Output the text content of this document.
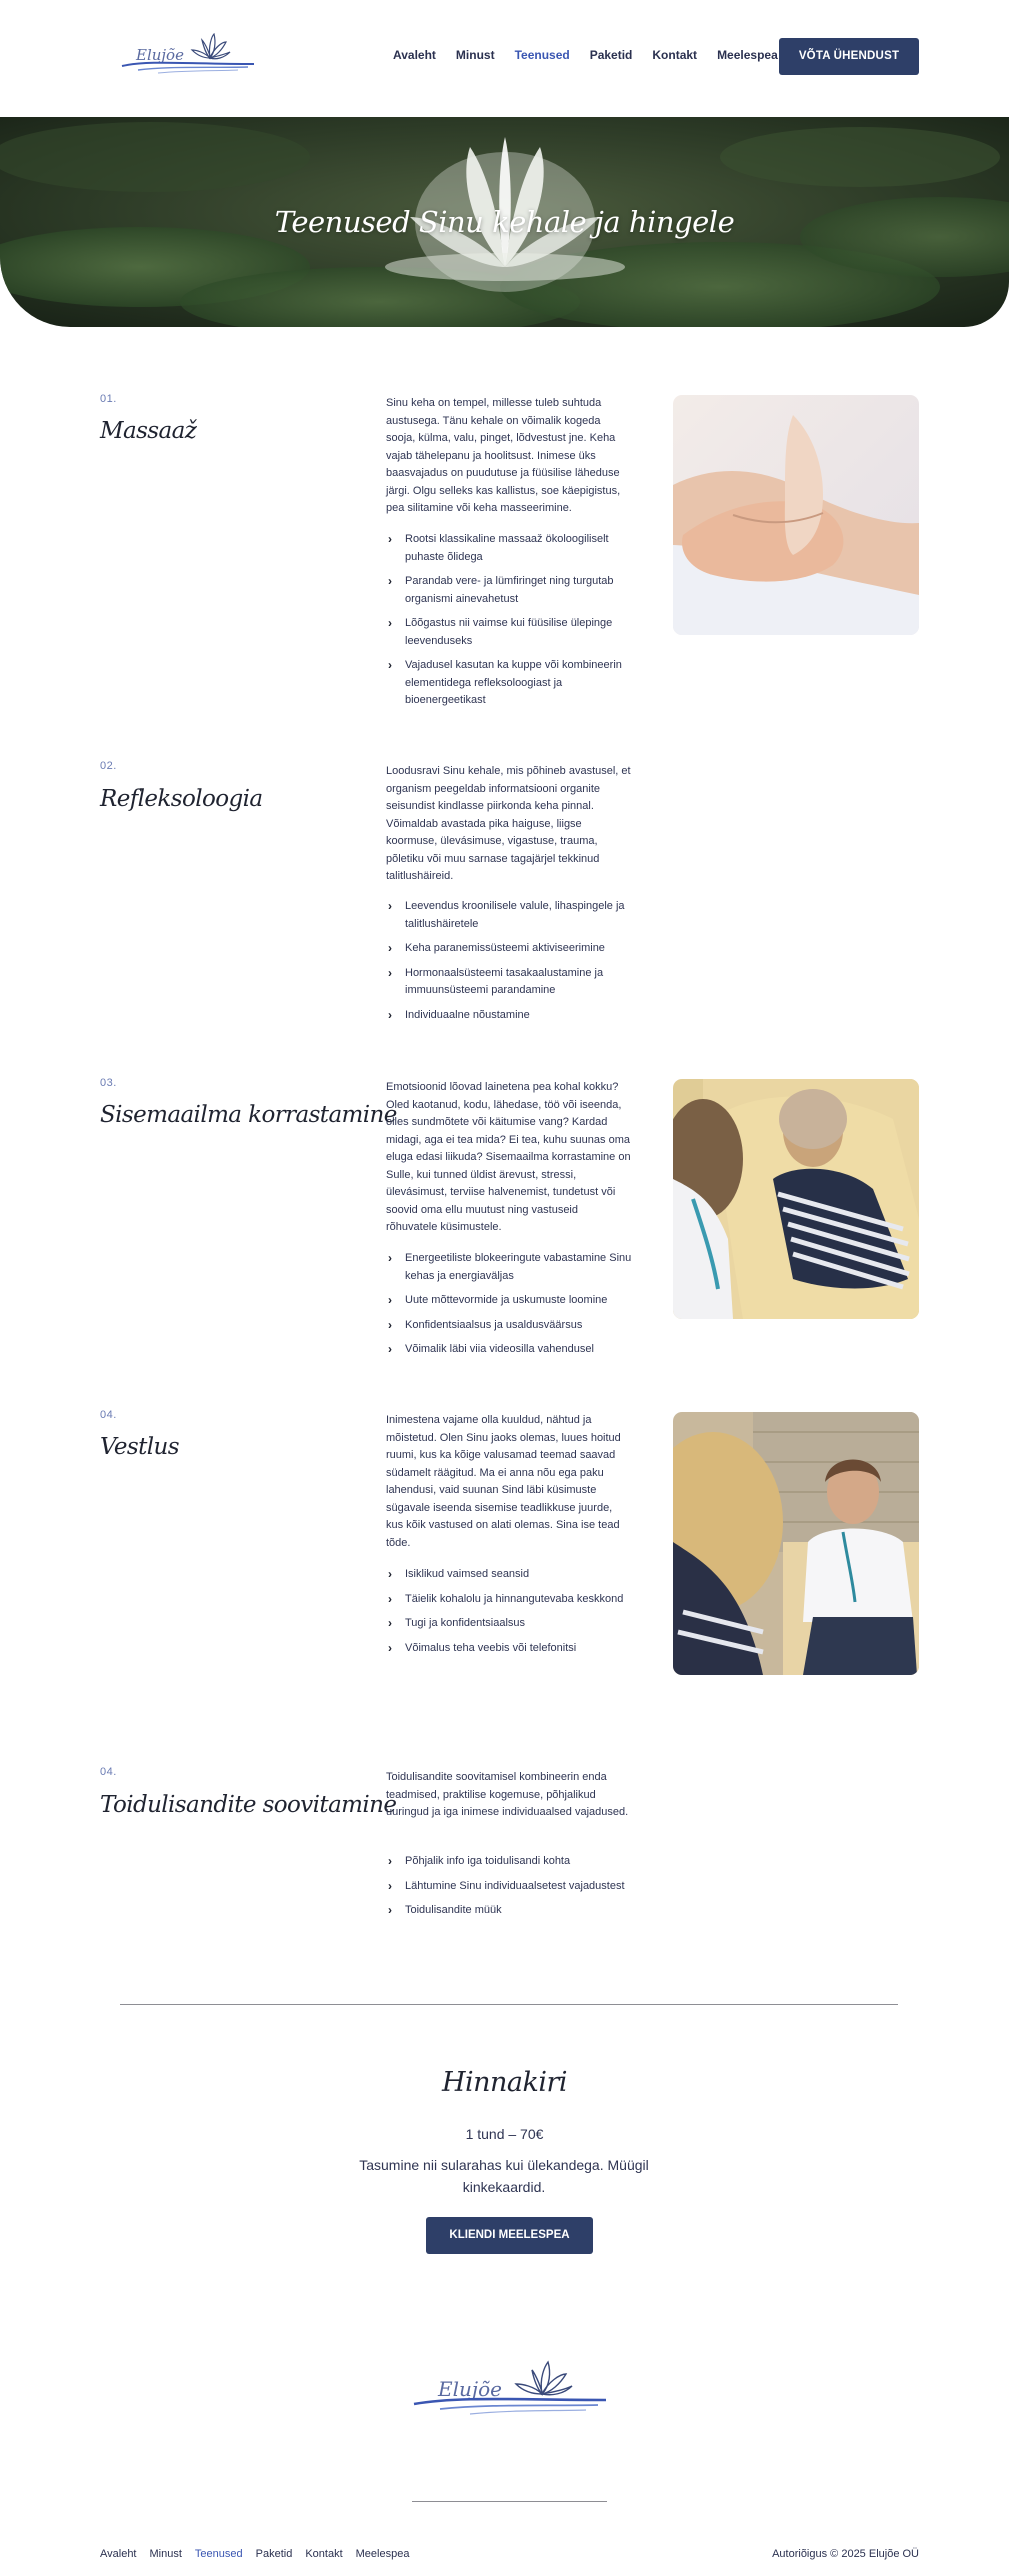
Elujõe	Avaleht Minust Teenused Paketid Kontakt Meelespea	VÕTA ÜHENDUST
Teenused Sinu kehale ja hingele
01.
Massaaž
Sinu keha on tempel, millesse tuleb suhtuda austusega. Tänu kehale on võimalik kogeda sooja, külma, valu, pinget, lõdvestust jne. Keha vajab tähelepanu ja hoolitsust. Inimese üks baasvajadus on puudutuse ja füüsilise läheduse järgi. Olgu selleks kas kallistus, soe käepigistus, pea silitamine või keha masseerimine.
› Rootsi klassikaline massaaž ökoloogiliselt puhaste õlidega
› Parandab vere- ja lümfiringet ning turgutab organismi ainevahetust
› Lõõgastus nii vaimse kui füüsilise ülepinge leevenduseks
› Vajadusel kasutan ka kuppe või kombineerin elementidega refleksoloogiast ja bioenergeetikast
02.
Refleksoloogia
Loodusravi Sinu kehale, mis põhineb avastusel, et organism peegeldab informatsiooni organite seisundist kindlasse piirkonda keha pinnal. Võimaldab avastada pika haiguse, liigse koormuse, ülevásimuse, vigastuse, trauma, põletiku või muu sarnase tagajärjel tekkinud talitlushäireid.
› Leevendus kroonilisele valule, lihaspingele ja talitlushäiretele
› Keha paranemissüsteemi aktiviseerimine
› Hormonaalsüsteemi tasakaalustamine ja immuunsüsteemi parandamine
› Individuaalne nõustamine
03.
Sisemaailma korrastamine
Emotsioonid lõovad lainetena pea kohal kokku? Oled kaotanud, kodu, lähedase, töö või iseenda, olles sundmõtete või käitumise vang? Kardad midagi, aga ei tea mida? Ei tea, kuhu suunas oma eluga edasi liikuda? Sisemaailma korrastamine on Sulle, kui tunned üldist ärevust, stressi, ülevásimust, terviise halvenemist, tundetust või soovid oma ellu muutust ning vastuseid rõhuvatele küsimustele.
› Energeetiliste blokeeringute vabastamine Sinu kehas ja energiaväljas
› Uute mõttevormide ja uskumuste loomine
› Konfidentsiaalsus ja usaldusväärsus
› Võimalik läbi viia videosilla vahendusel
04.
Vestlus
Inimestena vajame olla kuuldud, nähtud ja mõistetud. Olen Sinu jaoks olemas, luues hoitud ruumi, kus ka kõige valusamad teemad saavad südamelt räägitud. Ma ei anna nõu ega paku lahendusi, vaid suunan Sind läbi küsimuste sügavale iseenda sisemise teadlikkuse juurde, kus kõik vastused on alati olemas. Sina ise tead tõde.
› Isiklikud vaimsed seansid
› Täielik kohalolu ja hinnangutevaba keskkond
› Tugi ja konfidentsiaalsus
› Võimalus teha veebis või telefonitsi
04.
Toidulisandite soovitamine
Toidulisandite soovitamisel kombineerin enda teadmised, praktilise kogemuse, põhjalikud uuringud ja iga inimese individuaalsed vajadused.
› Põhjalik info iga toidulisandi kohta
› Lähtumine Sinu individuaalsetest vajadustest
› Toidulisandite müük
Hinnakiri
1 tund – 70€
Tasumine nii sularahas kui ülekandega. Müügil kinkekaardid.
KLIENDI MEELESPEA
Elujõe
Avaleht Minust Teenused Paketid Kontakt Meelespea	Autoriõigus © 2025 Elujõe OÜ
